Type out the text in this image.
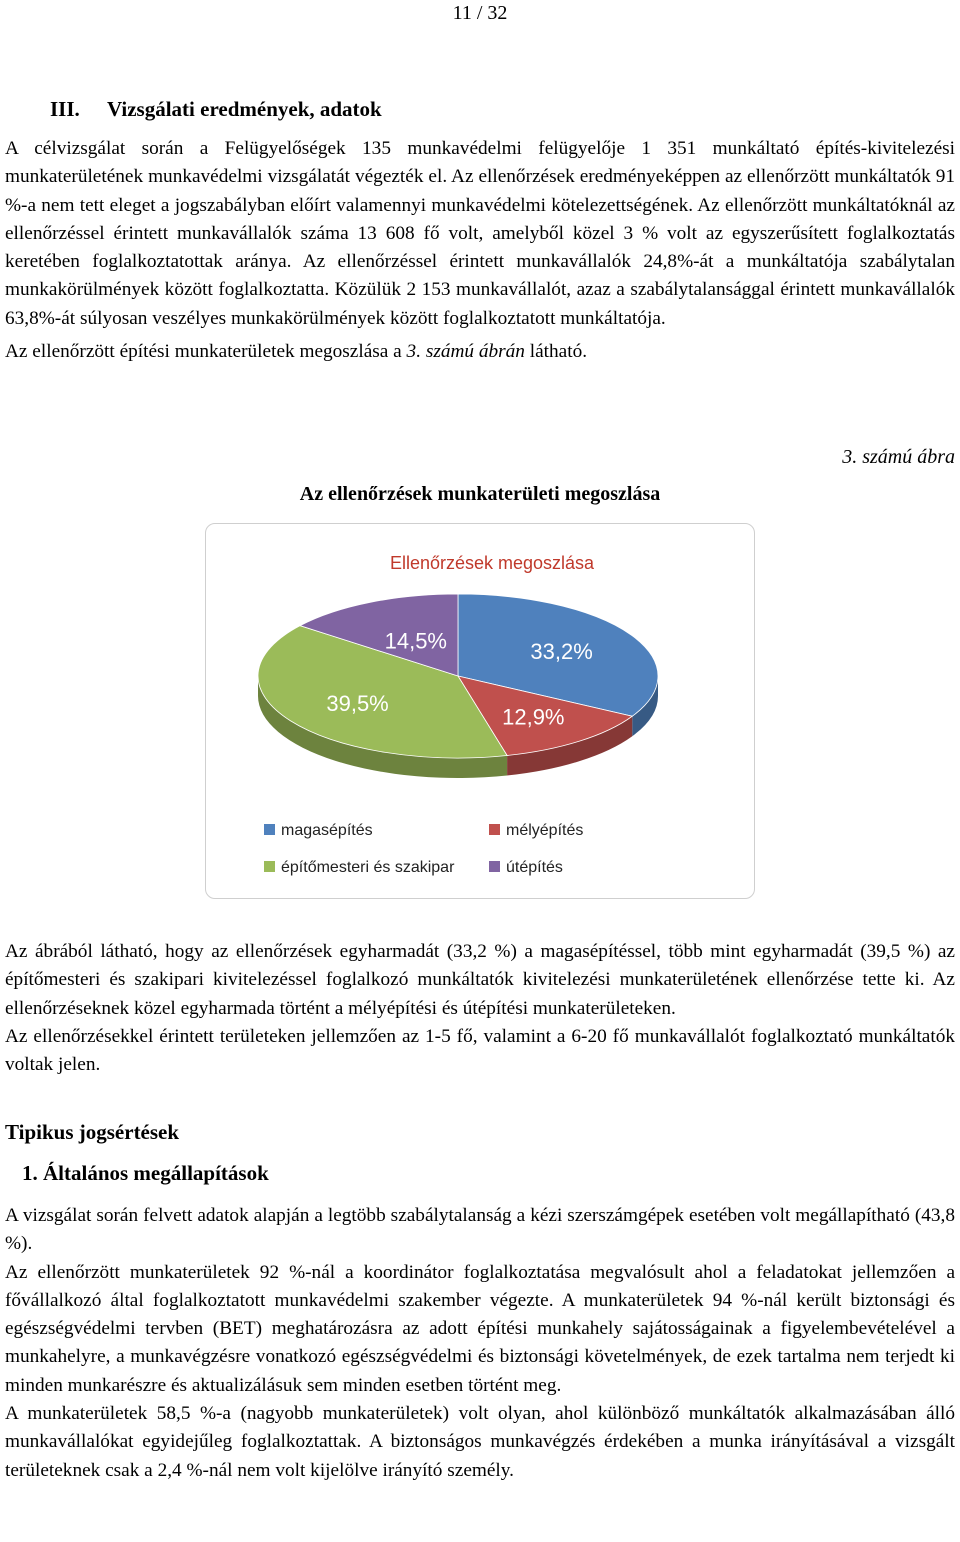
11 / 32
III. Vizsgálati eredmények, adatok

A célvizsgálat során a Felügyelőségek 135 munkavédelmi felügyelője 1 351 munkáltató építés-kivitelezési munkaterületének munkavédelmi vizsgálatát végezték el. Az ellenőrzések eredményeképpen az ellenőrzött munkáltatók 91 %-a nem tett eleget a jogszabályban előírt valamennyi munkavédelmi kötelezettségének. Az ellenőrzött munkáltatóknál az ellenőrzéssel érintett munkavállalók száma 13 608 fő volt, amelyből közel 3 % volt az egyszerűsített foglalkoztatás keretében foglalkoztatottak aránya. Az ellenőrzéssel érintett munkavállalók 24,8%-át a munkáltatója szabálytalan munkakörülmények között foglalkoztatta. Közülük 2 153 munkavállalót, azaz a szabálytalansággal érintett munkavállalók 63,8%-át súlyosan veszélyes munkakörülmények között foglalkoztatott munkáltatója.

Az ellenőrzött építési munkaterületek megoszlása a 3. számú ábrán látható.

3. számú ábra
Az ellenőrzések munkaterületi megoszlása
Ellenőrzések megoszlása
33,2%
12,9%
39,5%
14,5%
magasépítés	mélyépítés
építőmesteri és szakipar	útépítés

Az ábrából látható, hogy az ellenőrzések egyharmadát (33,2 %) a magasépítéssel, több mint egyharmadát (39,5 %) az építőmesteri és szakipari kivitelezéssel foglalkozó munkáltatók kivitelezési munkaterületének ellenőrzése tette ki. Az ellenőrzéseknek közel egyharmada történt a mélyépítési és útépítési munkaterületeken.

Az ellenőrzésekkel érintett területeken jellemzően az 1-5 fő, valamint a 6-20 fő munkavállalót foglalkoztató munkáltatók voltak jelen.

Tipikus jogsértések
1. Általános megállapítások

A vizsgálat során felvett adatok alapján a legtöbb szabálytalanság a kézi szerszámgépek esetében volt megállapítható (43,8 %).

Az ellenőrzött munkaterületek 92 %-nál a koordinátor foglalkoztatása megvalósult ahol a feladatokat jellemzően a fővállalkozó által foglalkoztatott munkavédelmi szakember végezte. A munkaterületek 94 %-nál került biztonsági és egészségvédelmi tervben (BET) meghatározásra az adott építési munkahely sajátosságainak a figyelembevételével a munkahelyre, a munkavégzésre vonatkozó egészségvédelmi és biztonsági követelmények, de ezek tartalma nem terjedt ki minden munkarészre és aktualizálásuk sem minden esetben történt meg.

A munkaterületek 58,5 %-a (nagyobb munkaterületek) volt olyan, ahol különböző munkáltatók alkalmazásában álló munkavállalókat egyidejűleg foglalkoztattak. A biztonságos munkavégzés érdekében a munka irányításával a vizsgált területeknek csak a 2,4 %-nál nem volt kijelölve irányító személy.
